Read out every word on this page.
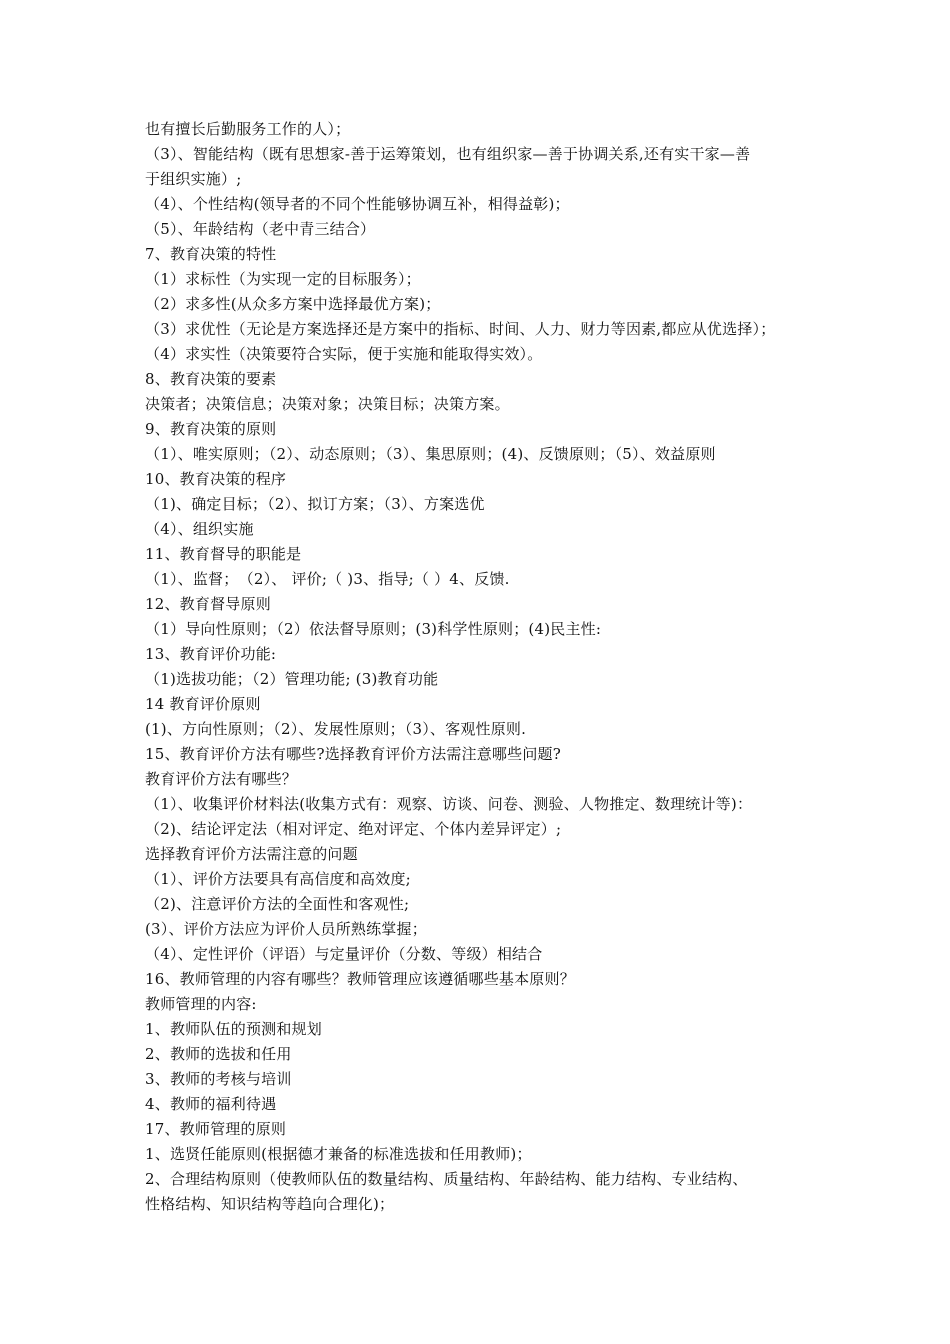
也有擅长后勤服务工作的人）；
（3）、智能结构（既有思想家-善于运筹策划，也有组织家—善于协调关系,还有实干家—善
于组织实施）;
（4）、个性结构(领导者的不同个性能够协调互补，相得益彰)；
（5）、年龄结构（老中青三结合）
7、教育决策的特性
（1）求标性（为实现一定的目标服务）；
（2）求多性(从众多方案中选择最优方案)；
（3）求优性（无论是方案选择还是方案中的指标、时间、人力、财力等因素,都应从优选择）；
（4）求实性（决策要符合实际，便于实施和能取得实效）。
8、教育决策的要素
决策者；决策信息；决策对象；决策目标；决策方案。
9、教育决策的原则
（1）、唯实原则；（2）、动态原则；（3）、集思原则；(4)、反馈原则；（5）、效益原则
10、教育决策的程序
（1)、确定目标；（2）、拟订方案；（3）、方案选优
（4）、组织实施
11、教育督导的职能是
（1）、监督；　（2）、 评价;（ )3、指导;（ ）4、反馈.
12、教育督导原则
（1）导向性原则；（2）依法督导原则；(3)科学性原则；(4)民主性:
13、教育评价功能:
（1)选拔功能；（2）管理功能; (3)教育功能
14 教育评价原则
(1)、方向性原则；（2）、发展性原则；（3）、客观性原则.
15、教育评价方法有哪些?选择教育评价方法需注意哪些问题?
教育评价方法有哪些？
（1）、收集评价材料法(收集方式有：观察、访谈、问卷、测验、人物推定、数理统计等)：
（2)、结论评定法（相对评定、绝对评定、个体内差异评定）;
选择教育评价方法需注意的问题
（1）、评价方法要具有高信度和高效度;
（2)、注意评价方法的全面性和客观性;
(3）、评价方法应为评价人员所熟练掌握；
（4）、定性评价（评语）与定量评价（分数、等级）相结合
16、教师管理的内容有哪些？教师管理应该遵循哪些基本原则？
教师管理的内容:
1、教师队伍的预测和规划
2、教师的选拔和任用
3、教师的考核与培训
4、教师的福利待遇
17、教师管理的原则
1、选贤任能原则(根据德才兼备的标准选拔和任用教师)；
2、合理结构原则（使教师队伍的数量结构、质量结构、年龄结构、能力结构、专业结构、
性格结构、知识结构等趋向合理化)；
